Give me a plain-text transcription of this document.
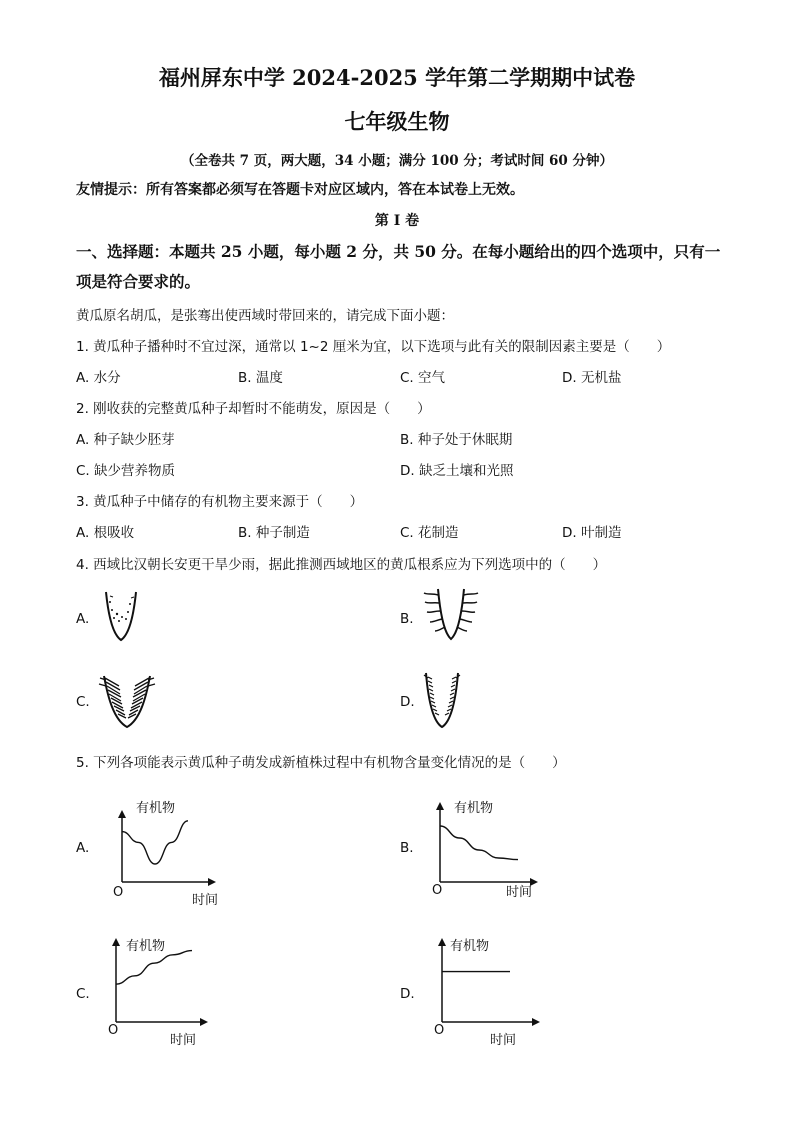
福州屏东中学 2024-2025 学年第二学期期中试卷
七年级生物
（全卷共 7 页，两大题，34 小题；满分 100 分；考试时间 60 分钟）
友情提示：所有答案都必须写在答题卡对应区域内，答在本试卷上无效。
第 I 卷
一、选择题：本题共 25 小题，每小题 2 分，共 50 分。在每小题给出的四个选项中，只有一
项是符合要求的。
黄瓜原名胡瓜，是张骞出使西域时带回来的，请完成下面小题：
1. 黄瓜种子播种时不宜过深，通常以 1~2 厘米为宜，以下选项与此有关的限制因素主要是（　　）
A. 水分	B. 温度	C. 空气	D. 无机盐
2. 刚收获的完整黄瓜种子却暂时不能萌发，原因是（　　）
A. 种子缺少胚芽	B. 种子处于休眠期
C. 缺少营养物质	D. 缺乏土壤和光照
3. 黄瓜种子中储存的有机物主要来源于（　　）
A. 根吸收	B. 种子制造	C. 花制造	D. 叶制造
4. 西域比汉朝长安更干旱少雨，据此推测西域地区的黄瓜根系应为下列选项中的（　　）
A.	B.
C.	D.
5. 下列各项能表示黄瓜种子萌发成新植株过程中有机物含量变化情况的是（　　）
A.	B.
C.	D.
有机物
时间
O
有机物
时间
O
有机物
时间
O
有机物
时间
O
